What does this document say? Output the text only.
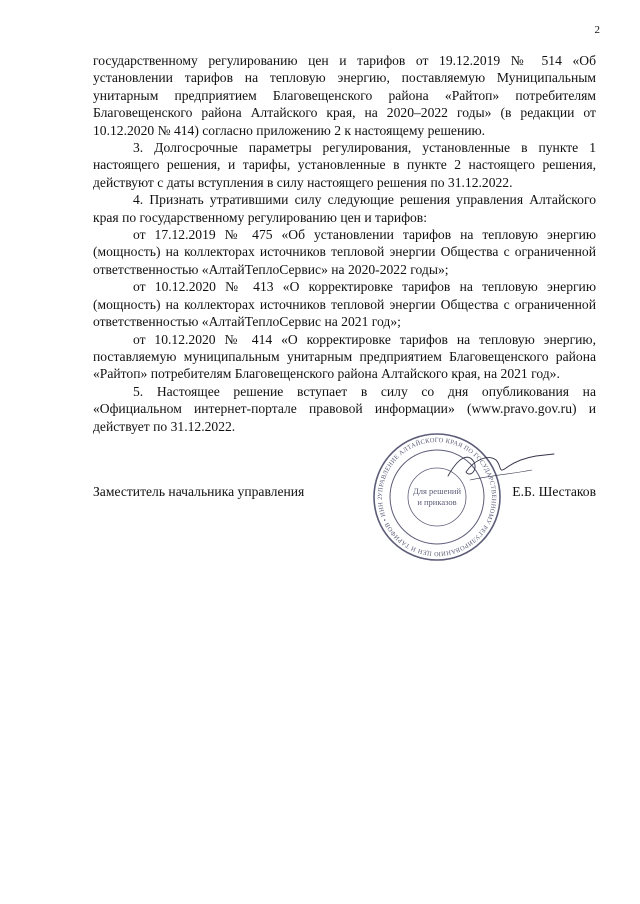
2

государственному регулированию цен и тарифов от 19.12.2019 № 514 «Об установлении тарифов на тепловую энергию, поставляемую Муниципальным унитарным предприятием Благовещенского района «Райтоп» потребителям Благовещенского района Алтайского края, на 2020–2022 годы» (в редакции от 10.12.2020 № 414) согласно приложению 2 к настоящему решению.

3. Долгосрочные параметры регулирования, установленные в пункте 1 настоящего решения, и тарифы, установленные в пункте 2 настоящего решения, действуют с даты вступления в силу настоящего решения по 31.12.2022.

4. Признать утратившими силу следующие решения управления Алтайского края по государственному регулированию цен и тарифов:

от 17.12.2019 № 475 «Об установлении тарифов на тепловую энергию (мощность) на коллекторах источников тепловой энергии Общества с ограниченной ответственностью «АлтайТеплоСервис» на 2020-2022 годы»;

от 10.12.2020 № 413 «О корректировке тарифов на тепловую энергию (мощность) на коллекторах источников тепловой энергии Общества с ограниченной ответственностью «АлтайТеплоСервис на 2021 год»;

от 10.12.2020 № 414 «О корректировке тарифов на тепловую энергию, поставляемую муниципальным унитарным предприятием Благовещенского района «Райтоп» потребителям Благовещенского района Алтайского края, на 2021 год».

5. Настоящее решение вступает в силу со дня опубликования на «Официальном интернет-портале правовой информации» (www.pravo.gov.ru) и действует по 31.12.2022.

УПРАВЛЕНИЕ АЛТАЙСКОГО КРАЯ ПО ГОСУДАРСТВЕННОМУ РЕГУЛИРОВАНИЮ ЦЕН И ТАРИФОВ • ИНН 2
Для решений
и приказов
Заместитель начальника управления	Е.Б. Шестаков
